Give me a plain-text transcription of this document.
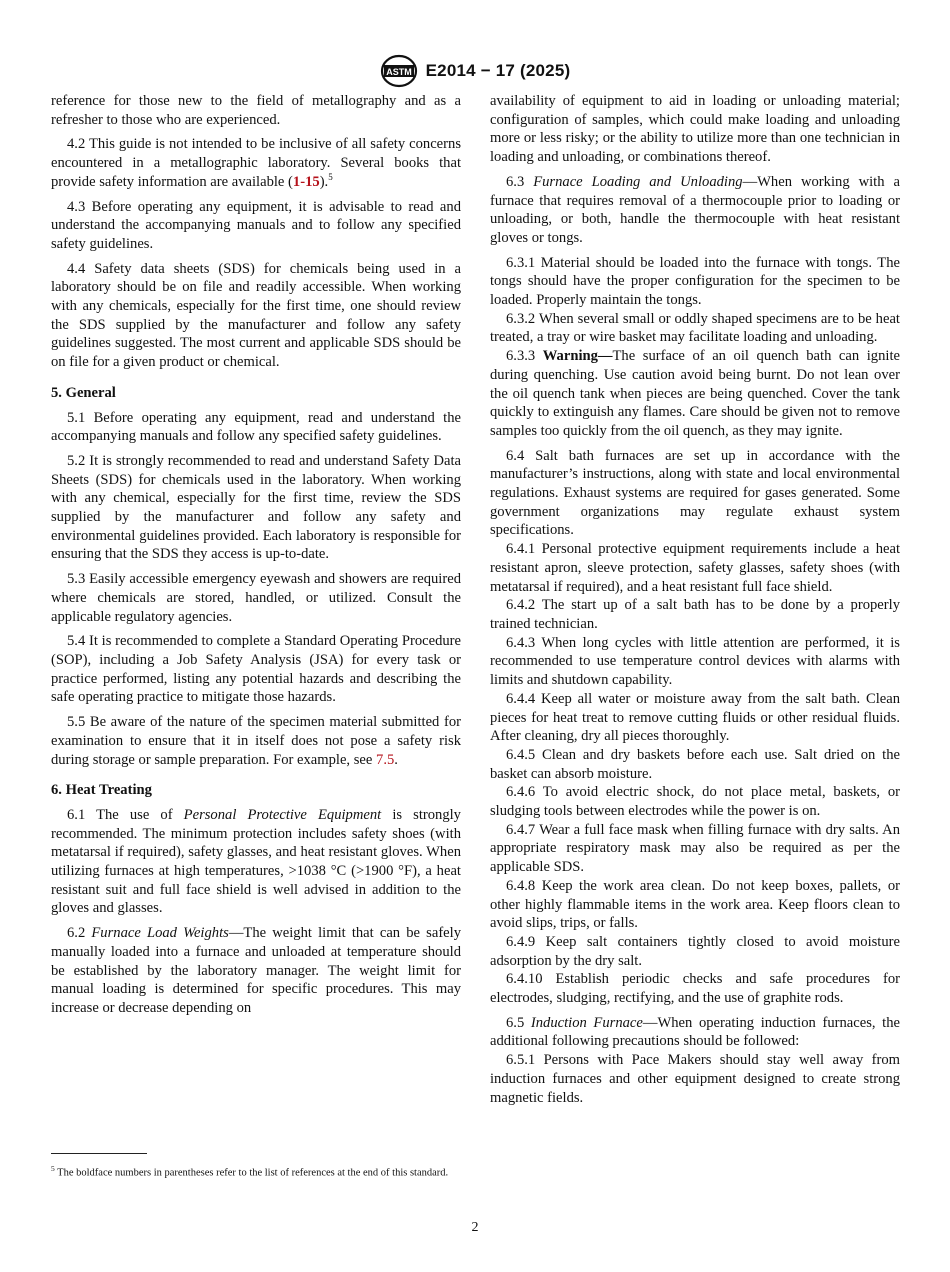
ASTM E2014 − 17 (2025)

reference for those new to the field of metallography and as a refresher to those who are experienced.

4.2 This guide is not intended to be inclusive of all safety concerns encountered in a metallographic laboratory. Several books that provide safety information are available (1-15).$^5$

4.3 Before operating any equipment, it is advisable to read and understand the accompanying manuals and to follow any specified safety guidelines.

4.4 Safety data sheets (SDS) for chemicals being used in a laboratory should be on file and readily accessible. When working with any chemicals, especially for the first time, one should review the SDS supplied by the manufacturer and follow any safety guidelines suggested. The most current and applicable SDS should be on file for a given product or chemical.

5. General

5.1 Before operating any equipment, read and understand the accompanying manuals and follow any specified safety guidelines.

5.2 It is strongly recommended to read and understand Safety Data Sheets (SDS) for chemicals used in the laboratory. When working with any chemical, especially for the first time, review the SDS supplied by the manufacturer and follow any safety and environmental guidelines provided. Each laboratory is responsible for ensuring that the SDS they access is up-to-date.

5.3 Easily accessible emergency eyewash and showers are required where chemicals are stored, handled, or utilized. Consult the applicable regulatory agencies.

5.4 It is recommended to complete a Standard Operating Procedure (SOP), including a Job Safety Analysis (JSA) for every task or practice performed, listing any potential hazards and describing the safe operating practice to mitigate those hazards.

5.5 Be aware of the nature of the specimen material submitted for examination to ensure that it in itself does not pose a safety risk during storage or sample preparation. For example, see 7.5.

6. Heat Treating

6.1 The use of Personal Protective Equipment is strongly recommended. The minimum protection includes safety shoes (with metatarsal if required), safety glasses, and heat resistant gloves. When utilizing furnaces at high temperatures, >1038 °C (>1900 °F), a heat resistant suit and full face shield is well advised in addition to the gloves and glasses.

6.2 Furnace Load Weights—The weight limit that can be safely manually loaded into a furnace and unloaded at temperature should be established by the laboratory manager. The weight limit for manual loading is determined for specific procedures. This may increase or decrease depending on

availability of equipment to aid in loading or unloading material; configuration of samples, which could make loading and unloading more or less risky; or the ability to utilize more than one technician in loading and unloading, or combinations thereof.

6.3 Furnace Loading and Unloading—When working with a furnace that requires removal of a thermocouple prior to loading or unloading, or both, handle the thermocouple with heat resistant gloves or tongs.

6.3.1 Material should be loaded into the furnace with tongs. The tongs should have the proper configuration for the specimen to be loaded. Properly maintain the tongs.

6.3.2 When several small or oddly shaped specimens are to be heat treated, a tray or wire basket may facilitate loading and unloading.

6.3.3 Warning—The surface of an oil quench bath can ignite during quenching. Use caution avoid being burnt. Do not lean over the oil quench tank when pieces are being quenched. Cover the tank quickly to extinguish any flames. Care should be given not to remove samples too quickly from the oil quench, as they may ignite.

6.4 Salt bath furnaces are set up in accordance with the manufacturer’s instructions, along with state and local environmental regulations. Exhaust systems are required for gases generated. Some government organizations may regulate exhaust system specifications.

6.4.1 Personal protective equipment requirements include a heat resistant apron, sleeve protection, safety glasses, safety shoes (with metatarsal if required), and a heat resistant full face shield.

6.4.2 The start up of a salt bath has to be done by a properly trained technician.

6.4.3 When long cycles with little attention are performed, it is recommended to use temperature control devices with alarms with limits and shutdown capability.

6.4.4 Keep all water or moisture away from the salt bath. Clean pieces for heat treat to remove cutting fluids or other residual fluids. After cleaning, dry all pieces thoroughly.

6.4.5 Clean and dry baskets before each use. Salt dried on the basket can absorb moisture.

6.4.6 To avoid electric shock, do not place metal, baskets, or sludging tools between electrodes while the power is on.

6.4.7 Wear a full face mask when filling furnace with dry salts. An appropriate respiratory mask may also be required as per the applicable SDS.

6.4.8 Keep the work area clean. Do not keep boxes, pallets, or other highly flammable items in the work area. Keep floors clean to avoid slips, trips, or falls.

6.4.9 Keep salt containers tightly closed to avoid moisture adsorption by the dry salt.

6.4.10 Establish periodic checks and safe procedures for electrodes, sludging, rectifying, and the use of graphite rods.

6.5 Induction Furnace—When operating induction furnaces, the additional following precautions should be followed:

6.5.1 Persons with Pace Makers should stay well away from induction furnaces and other equipment designed to create strong magnetic fields.

$^5$ The boldface numbers in parentheses refer to the list of references at the end of this standard.
2
